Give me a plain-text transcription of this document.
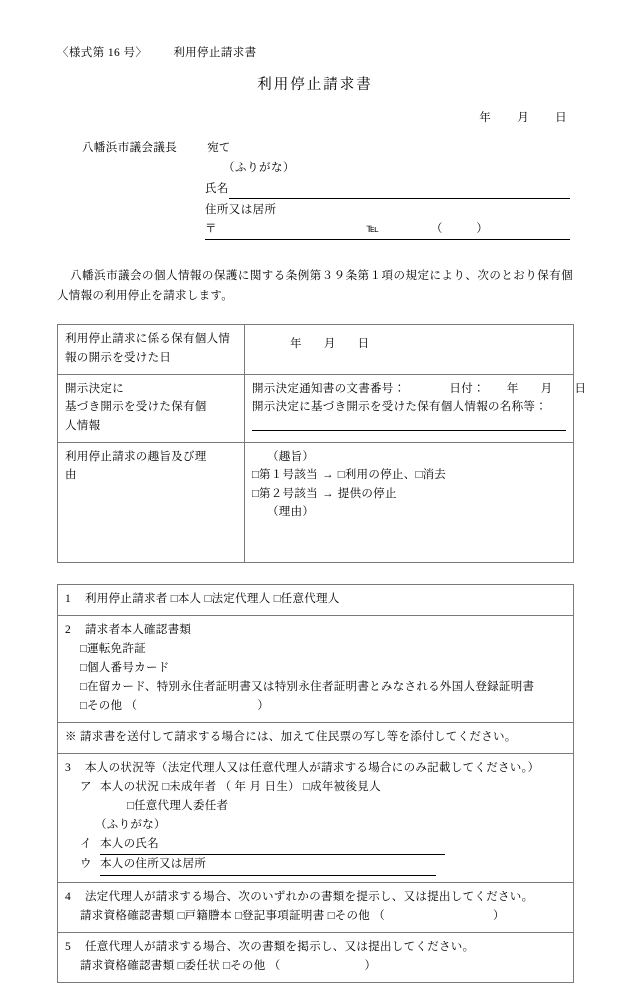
〈様式第 16 号〉 利用停止請求書
利用停止請求書
年 月 日
八幡浜市議会議長	宛て
（ふりがな）
氏名
住所又は居所
〒	℡	（	）
八幡浜市議会の個人情報の保護に関する条例第３９条第１項の規定により、次のとおり保有個人情報の利用停止を請求します。
利用停止請求に係る保有個人情報の開示を受けた日	年 月 日

開示決定に
基づき開示を受けた保有個
人情報

開示決定通知書の文書番号：	日付： 年 月 日
開示決定に基づき開示を受けた保有個人情報の名称等：

利用停止請求の趣旨及び理
由

（趣旨）
□第１号該当 → □利用の停止、□消去
□第２号該当 → 提供の停止
（理由）
1 利用停止請求者 □本人 □法定代理人 □任意代理人

2 請求者本人確認書類
□運転免許証
□個人番号カード
□在留カード、特別永住者証明書又は特別永住者証明書とみなされる外国人登録証明書
□その他 （	）

※ 請求書を送付して請求する場合には、加えて住民票の写し等を添付してください。

3 本人の状況等（法定代理人又は任意代理人が請求する場合にのみ記載してください。）
ア 本人の状況 □未成年者 （ 年 月 日生） □成年被後見人
□任意代理人委任者
（ふりがな）
イ 本人の氏名
ウ 本人の住所又は居所

4 法定代理人が請求する場合、次のいずれかの書類を提示し、又は提出してください。
請求資格確認書類 □戸籍謄本 □登記事項証明書 □その他 （	）

5 任意代理人が請求する場合、次の書類を掲示し、又は提出してください。
請求資格確認書類 □委任状 □その他 （	）
